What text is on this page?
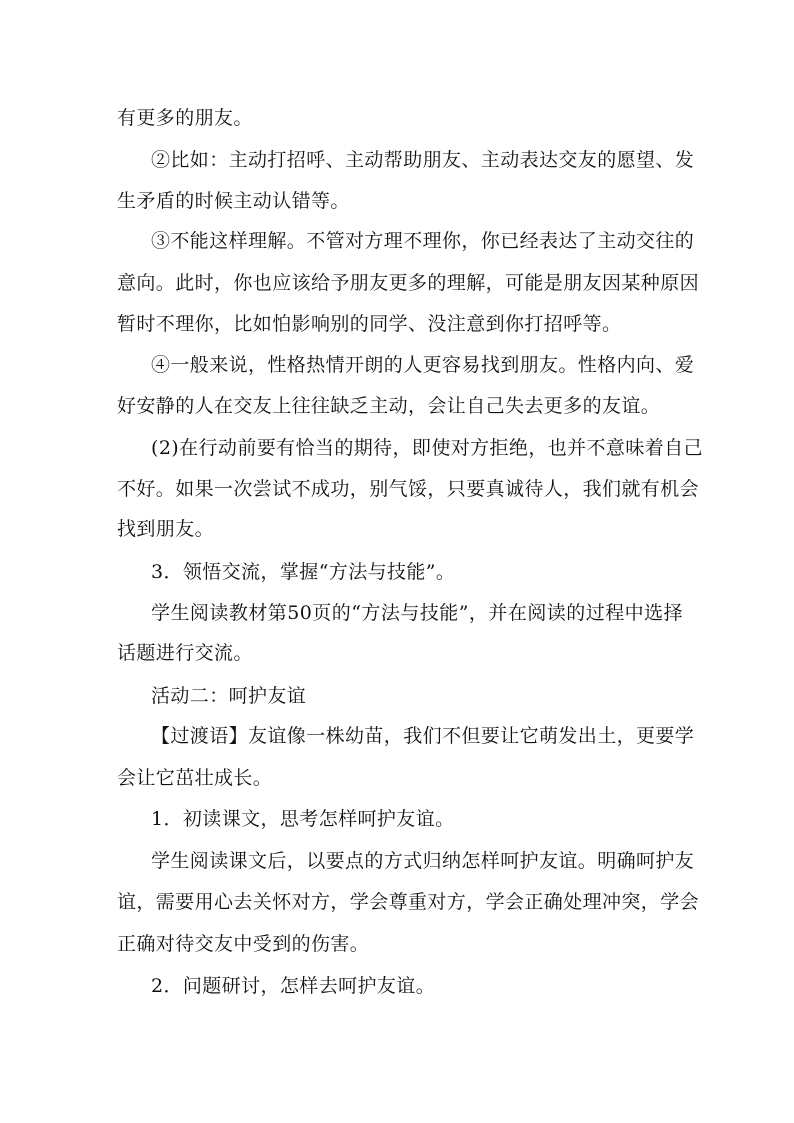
有更多的朋友。
②比如：主动打招呼、主动帮助朋友、主动表达交友的愿望、发
生矛盾的时候主动认错等。
③不能这样理解。不管对方理不理你，你已经表达了主动交往的
意向。此时，你也应该给予朋友更多的理解，可能是朋友因某种原因
暂时不理你，比如怕影响别的同学、没注意到你打招呼等。
④一般来说，性格热情开朗的人更容易找到朋友。性格内向、爱
好安静的人在交友上往往缺乏主动，会让自己失去更多的友谊。
(2)在行动前要有恰当的期待，即使对方拒绝，也并不意味着自己
不好。如果一次尝试不成功，别气馁，只要真诚待人，我们就有机会
找到朋友。
3．领悟交流，掌握“方法与技能”。
学生阅读教材第50页的“方法与技能”，并在阅读的过程中选择
话题进行交流。
活动二：呵护友谊
【过渡语】友谊像一株幼苗，我们不但要让它萌发出土，更要学
会让它茁壮成长。
1．初读课文，思考怎样呵护友谊。
学生阅读课文后，以要点的方式归纳怎样呵护友谊。明确呵护友
谊，需要用心去关怀对方，学会尊重对方，学会正确处理冲突，学会
正确对待交友中受到的伤害。
2．问题研讨，怎样去呵护友谊。
